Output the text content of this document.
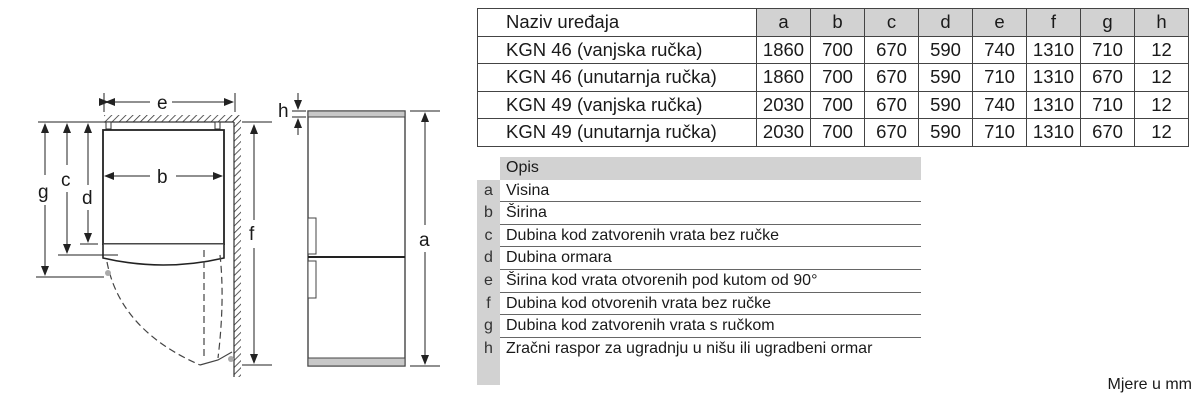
e
b
g
c
d
f
h
a
Naziv uređaja	a	b	c	d	e	f	g	h
KGN 46 (vanjska ručka)	1860	700	670	590	740	1310	710	12
KGN 46 (unutarnja ručka)	1860	700	670	590	710	1310	670	12
KGN 49 (vanjska ručka)	2030	700	670	590	740	1310	710	12
KGN 49 (unutarnja ručka)	2030	700	670	590	710	1310	670	12
Opis
a Visina
b Širina
c Dubina kod zatvorenih vrata bez ručke
d Dubina ormara
e Širina kod vrata otvorenih pod kutom od 90°
f Dubina kod otvorenih vrata bez ručke
g Dubina kod zatvorenih vrata s ručkom
h Zračni raspor za ugradnju u nišu ili ugradbeni ormar
Mjere u mm
